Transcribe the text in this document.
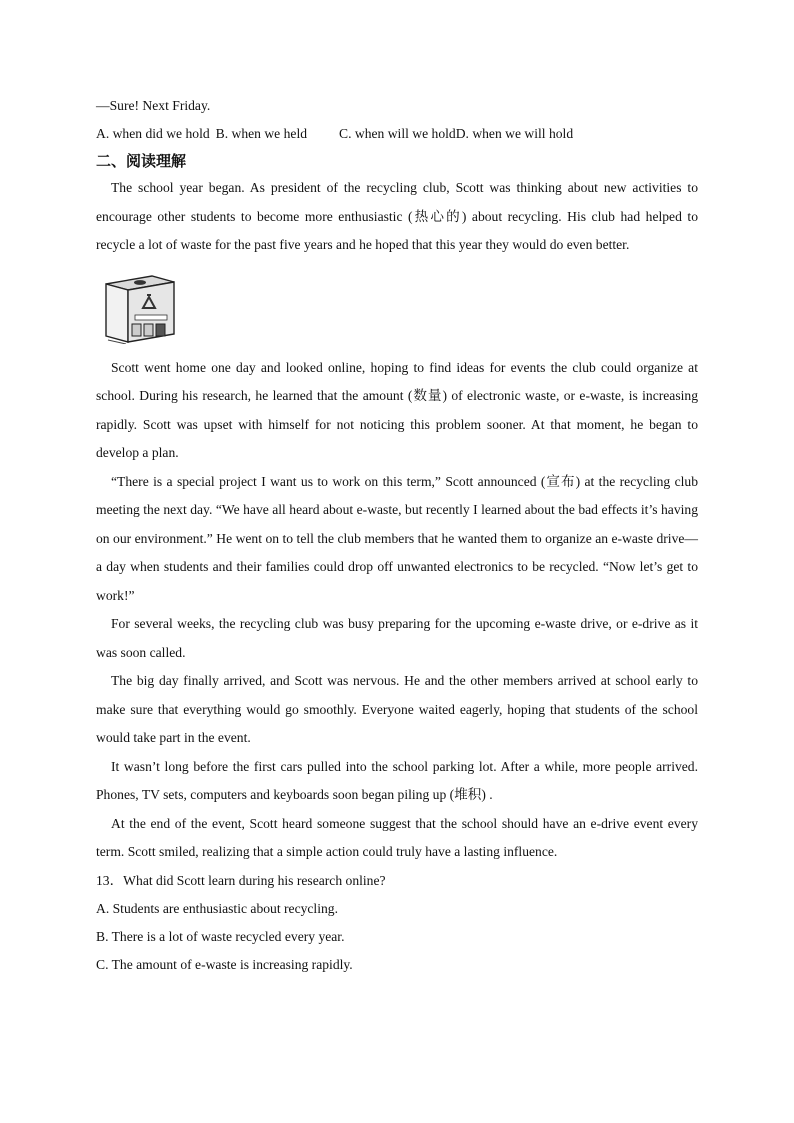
—Sure! Next Friday.
A. when did we hold B. when we held C. when will we hold D. when we will hold
二、阅读理解

The school year began. As president of the recycling club, Scott was thinking about new activities to encourage other students to become more enthusiastic (热心的) about recycling. His club had helped to recycle a lot of waste for the past five years and he hoped that this year they would do even better.

Scott went home one day and looked online, hoping to find ideas for events the club could organize at school. During his research, he learned that the amount (数量) of electronic waste, or e-waste, is increasing rapidly. Scott was upset with himself for not noticing this problem sooner. At that moment, he began to develop a plan.

“There is a special project I want us to work on this term,” Scott announced (宣布) at the recycling club meeting the next day. “We have all heard about e-waste, but recently I learned about the bad effects it’s having on our environment.” He went on to tell the club members that he wanted them to organize an e-waste drive—a day when students and their families could drop off unwanted electronics to be recycled. “Now let’s get to work!”

For several weeks, the recycling club was busy preparing for the upcoming e-waste drive, or e-drive as it was soon called.

The big day finally arrived, and Scott was nervous. He and the other members arrived at school early to make sure that everything would go smoothly. Everyone waited eagerly, hoping that students of the school would take part in the event.

It wasn’t long before the first cars pulled into the school parking lot. After a while, more people arrived. Phones, TV sets, computers and keyboards soon began piling up (堆积) .

At the end of the event, Scott heard someone suggest that the school should have an e-drive event every term. Scott smiled, realizing that a simple action could truly have a lasting influence.

13．What did Scott learn during his research online?
A. Students are enthusiastic about recycling.
B. There is a lot of waste recycled every year.
C. The amount of e-waste is increasing rapidly.
